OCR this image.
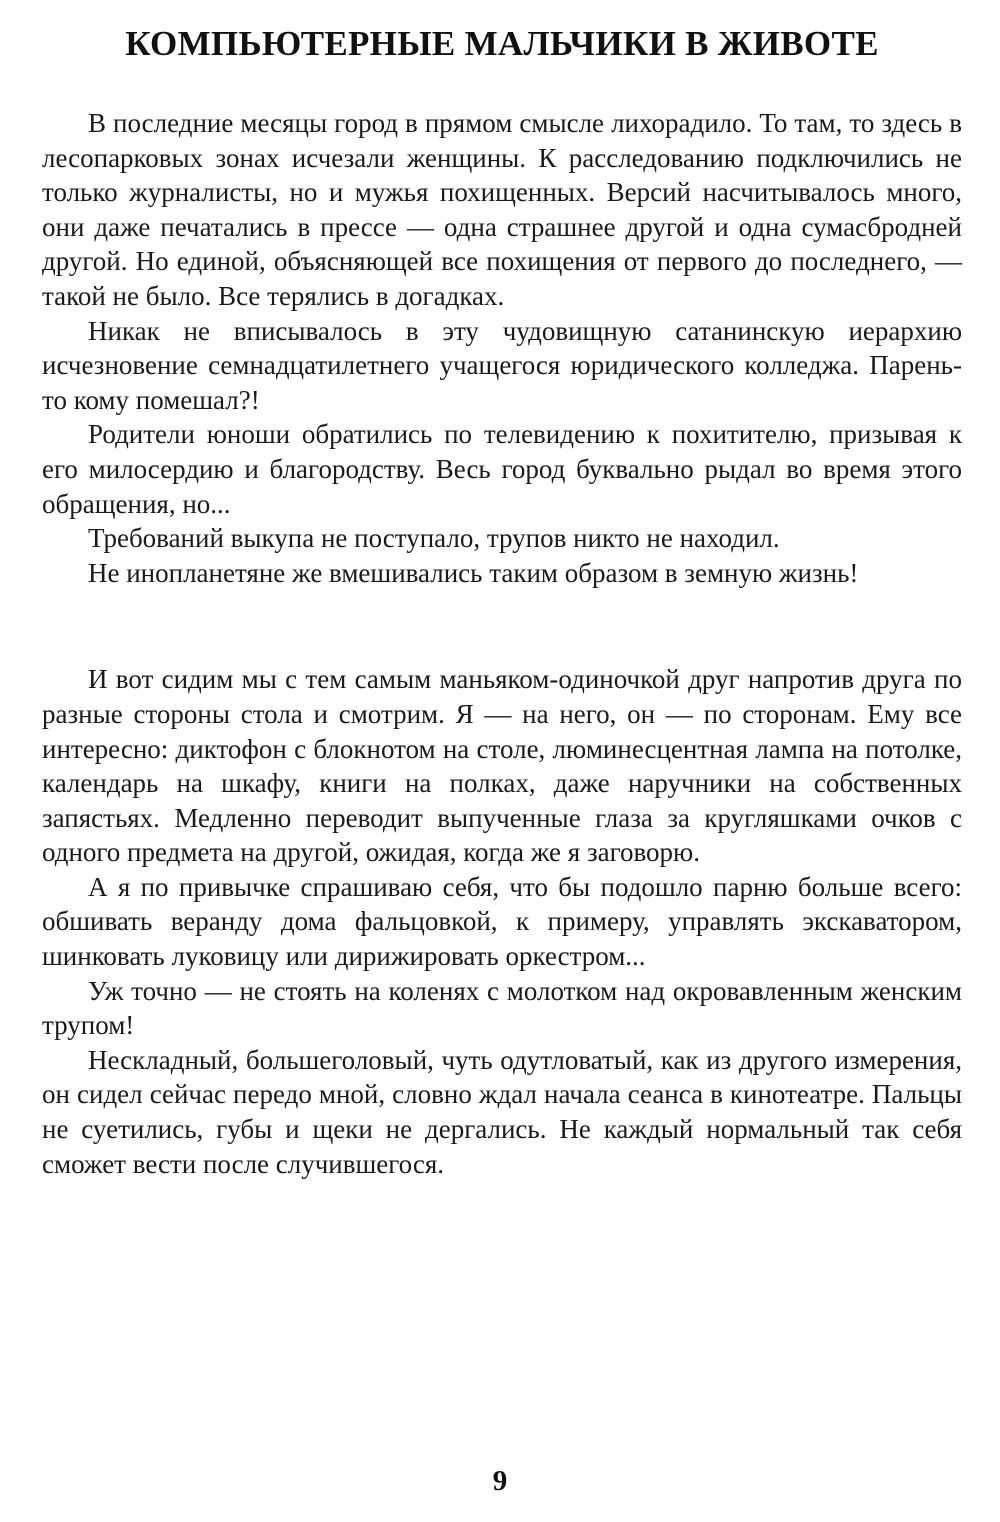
КОМПЬЮТЕРНЫЕ МАЛЬЧИКИ В ЖИВОТЕ

В последние месяцы город в прямом смысле лихорадило. То там, то здесь в лесопарковых зонах исчезали женщины. К расследованию подключились не только журналисты, но и мужья похищенных. Версий насчитывалось много, они даже печатались в прессе — одна страшнее другой и одна сумасбродней другой. Но единой, объясняющей все похищения от первого до последнего, — такой не было. Все терялись в догадках.

Никак не вписывалось в эту чудовищную сатанинскую иерархию исчезновение семнадцатилетнего учащегося юридического колледжа. Парень-то кому помешал?!

Родители юноши обратились по телевидению к похитителю, призывая к его милосердию и благородству. Весь город буквально рыдал во время этого обращения, но...

Требований выкупа не поступало, трупов никто не находил.

Не инопланетяне же вмешивались таким образом в земную жизнь!

И вот сидим мы с тем самым маньяком-одиночкой друг напротив друга по разные стороны стола и смотрим. Я — на него, он — по сторонам. Ему все интересно: диктофон с блокнотом на столе, люминесцентная лампа на потолке, календарь на шкафу, книги на полках, даже наручники на собственных запястьях. Медленно переводит выпученные глаза за кругляшками очков с одного предмета на другой, ожидая, когда же я заговорю.

А я по привычке спрашиваю себя, что бы подошло парню больше всего: обшивать веранду дома фальцовкой, к примеру, управлять экскаватором, шинковать луковицу или дирижировать оркестром...

Уж точно — не стоять на коленях с молотком над окровавленным женским трупом!

Нескладный, большеголовый, чуть одутловатый, как из другого измерения, он сидел сейчас передо мной, словно ждал начала сеанса в кинотеатре. Пальцы не суетились, губы и щеки не дергались. Не каждый нормальный так себя сможет вести после случившегося.

9
